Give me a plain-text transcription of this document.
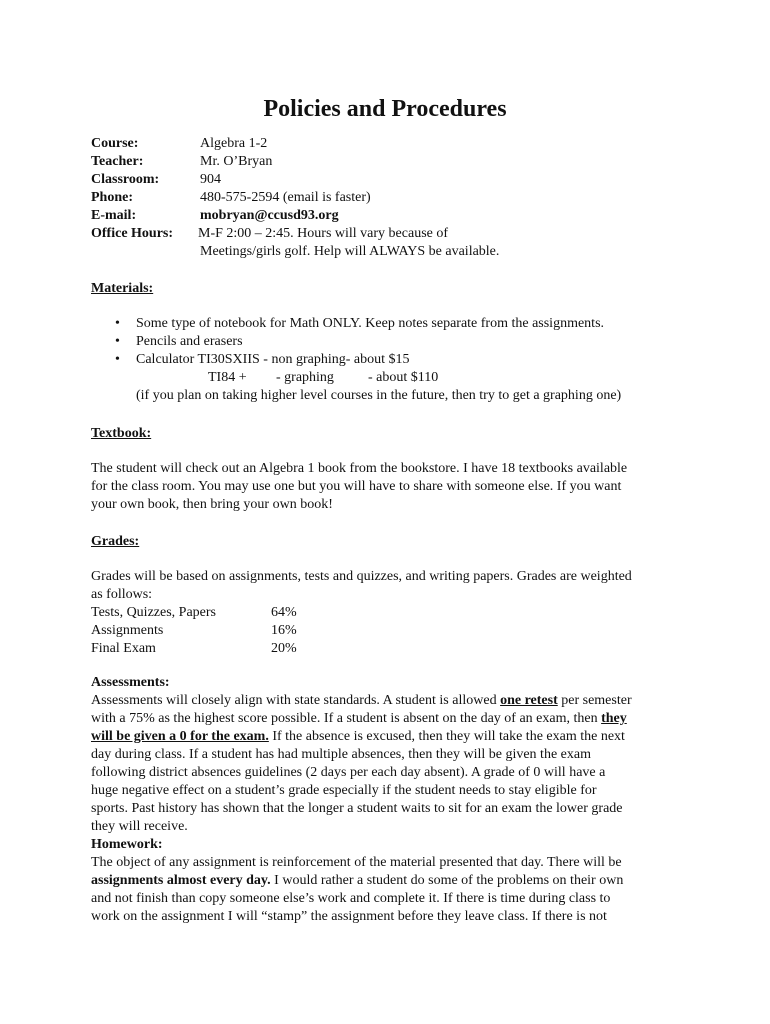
Policies and Procedures
Course:	Algebra 1-2
Teacher:	Mr. O’Bryan
Classroom:	904
Phone:	480-575-2594 (email is faster)
E-mail:	mobryan@ccusd93.org
Office Hours: M-F 2:00 – 2:45. Hours will vary because of
Meetings/girls golf. Help will ALWAYS be available.
Materials:
• Some type of notebook for Math ONLY. Keep notes separate from the assignments.
• Pencils and erasers
• Calculator TI30SXIIS - non graphing- about $15
TI84 + - graphing - about $110
(if you plan on taking higher level courses in the future, then try to get a graphing one)
Textbook:

The student will check out an Algebra 1 book from the bookstore. I have 18 textbooks available

for the class room. You may use one but you will have to share with someone else. If you want

your own book, then bring your own book!

Grades:

Grades will be based on assignments, tests and quizzes, and writing papers. Grades are weighted

as follows:

Tests, Quizzes, Papers	64%
Assignments	16%
Final Exam	20%

Assessments:

Assessments will closely align with state standards. A student is allowed one retest per semester

with a 75% as the highest score possible. If a student is absent on the day of an exam, then they

will be given a 0 for the exam. If the absence is excused, then they will take the exam the next

day during class. If a student has had multiple absences, then they will be given the exam

following district absences guidelines (2 days per each day absent). A grade of 0 will have a

huge negative effect on a student’s grade especially if the student needs to stay eligible for

sports. Past history has shown that the longer a student waits to sit for an exam the lower grade

they will receive.

Homework:

The object of any assignment is reinforcement of the material presented that day. There will be

assignments almost every day. I would rather a student do some of the problems on their own

and not finish than copy someone else’s work and complete it. If there is time during class to

work on the assignment I will “stamp” the assignment before they leave class. If there is not
